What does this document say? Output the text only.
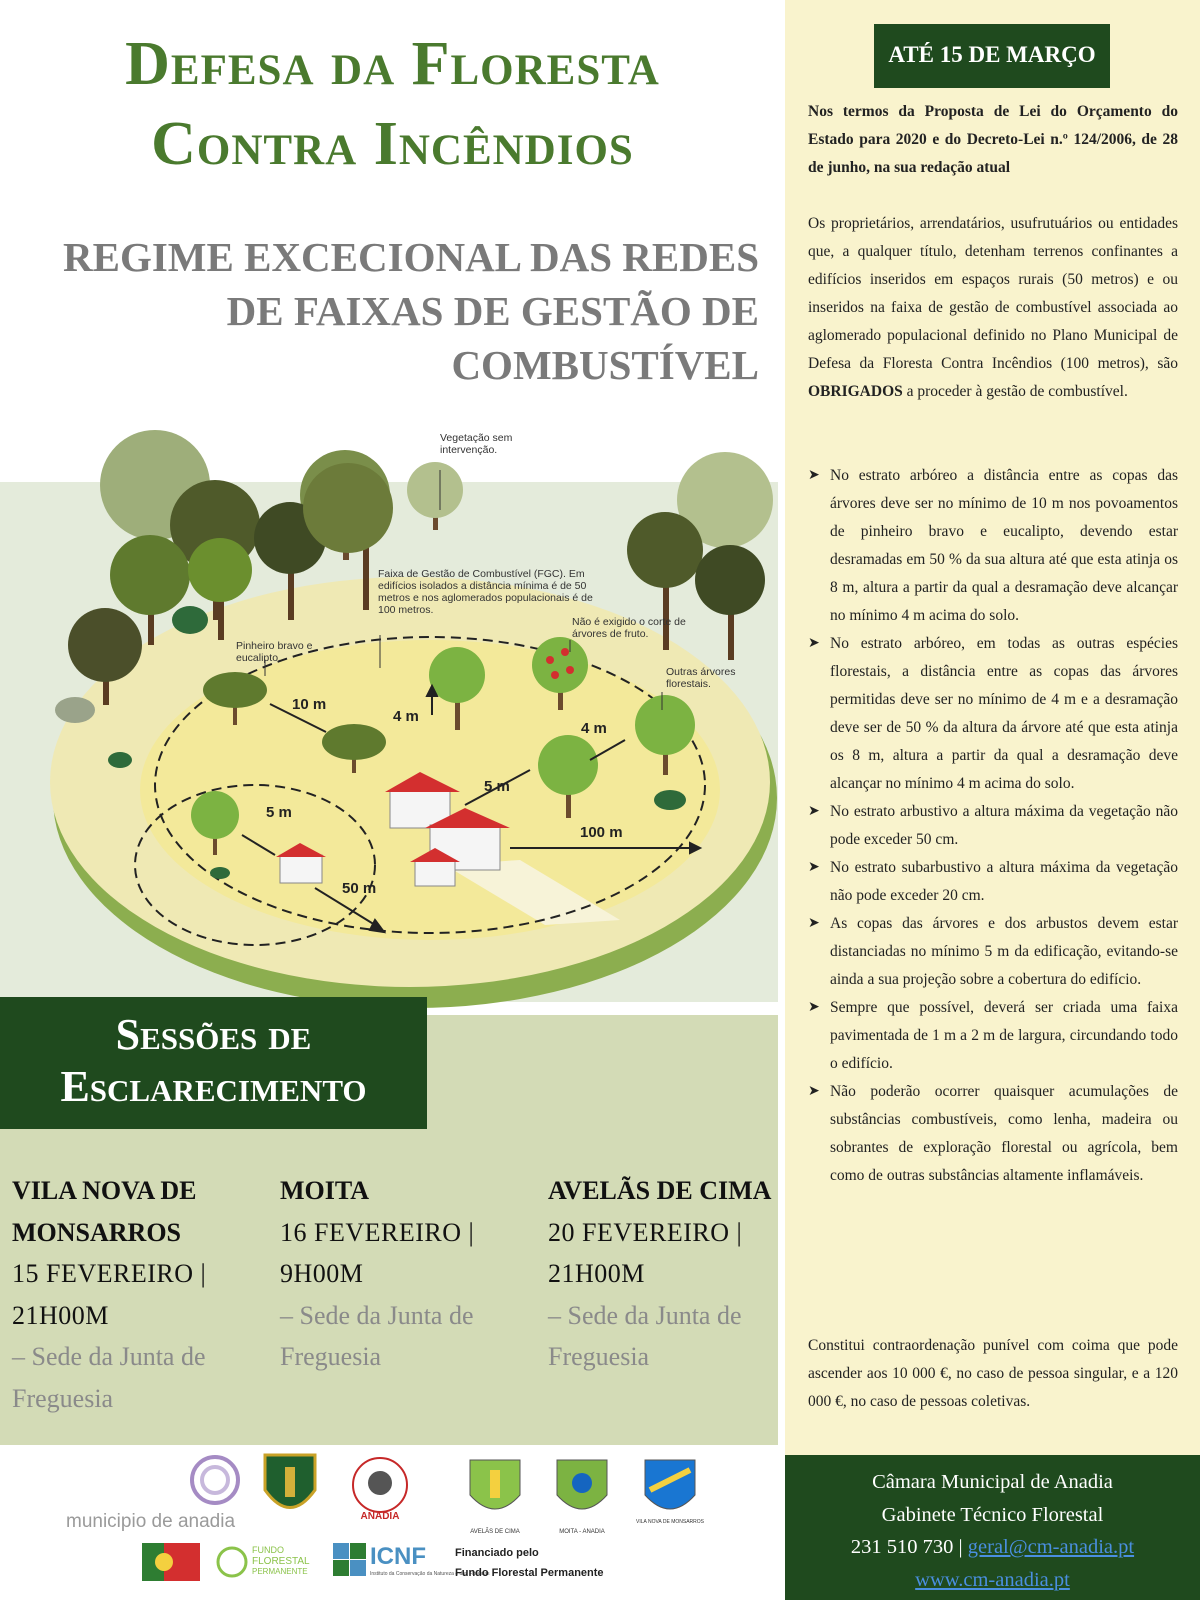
Defesa da Floresta
Contra Incêndios
REGIME EXCECIONAL DAS REDES
DE FAIXAS DE GESTÃO DE
COMBUSTÍVEL
Vegetação sem intervenção.
Faixa de Gestão de Combustível (FGC). Em edifícios isolados a distância mínima é de 50 metros e nos aglomerados populacionais é de 100 metros.
Não é exigido o corte de árvores de fruto.
Pinheiro bravo e eucalipto.
Outras árvores florestais.
10 m
4 m
4 m
5 m
100 m
5 m
50 m
Sessões de
Esclarecimento
VILA NOVA DE MONSARROS
15 FEVEREIRO | 21H00M
– Sede da Junta de Freguesia
MOITA
16 FEVEREIRO | 9H00M
– Sede da Junta de Freguesia
AVELÃS DE CIMA
20 FEVEREIRO | 21H00M
– Sede da Junta de Freguesia
municipio de anadia	ANADIA
AVELÃS DE CIMA	MOITA - ANADIA
VILA NOVA DE MONSARROS
FUNDO
FLORESTAL
PERMANENTE
ICNF
Instituto da Conservação da Natureza e das Florestas
Financiado pelo
Fundo Florestal Permanente
ATÉ 15 DE MARÇO

Nos termos da Proposta de Lei do Orçamento do Estado para 2020 e do Decreto-Lei n.º 124/2006, de 28 de junho, na sua redação atual

Os proprietários, arrendatários, usufrutuários ou entidades que, a qualquer título, detenham terrenos confinantes a edifícios inseridos em espaços rurais (50 metros) e ou inseridos na faixa de gestão de combustível associada ao aglomerado populacional definido no Plano Municipal de Defesa da Floresta Contra Incêndios (100 metros), são OBRIGADOS a proceder à gestão de combustível.

➤ No estrato arbóreo a distância entre as copas das árvores deve ser no mínimo de 10 m nos povoamentos de pinheiro bravo e eucalipto, devendo estar desramadas em 50 % da sua altura até que esta atinja os 8 m, altura a partir da qual a desramação deve alcançar no mínimo 4 m acima do solo.
➤ No estrato arbóreo, em todas as outras espécies florestais, a distância entre as copas das árvores permitidas deve ser no mínimo de 4 m e a desramação deve ser de 50 % da altura da árvore até que esta atinja os 8 m, altura a partir da qual a desramação deve alcançar no mínimo 4 m acima do solo.
➤ No estrato arbustivo a altura máxima da vegetação não pode exceder 50 cm.
➤ No estrato subarbustivo a altura máxima da vegetação não pode exceder 20 cm.
➤ As copas das árvores e dos arbustos devem estar distanciadas no mínimo 5 m da edificação, evitando-se ainda a sua projeção sobre a cobertura do edifício.
➤ Sempre que possível, deverá ser criada uma faixa pavimentada de 1 m a 2 m de largura, circundando todo o edifício.
➤ Não poderão ocorrer quaisquer acumulações de substâncias combustíveis, como lenha, madeira ou sobrantes de exploração florestal ou agrícola, bem como de outras substâncias altamente inflamáveis.

Constitui contraordenação punível com coima que pode ascender aos 10 000 €, no caso de pessoa singular, e a 120 000 €, no caso de pessoas coletivas.

Câmara Municipal de Anadia
Gabinete Técnico Florestal
231 510 730 | geral@cm-anadia.pt
www.cm-anadia.pt
